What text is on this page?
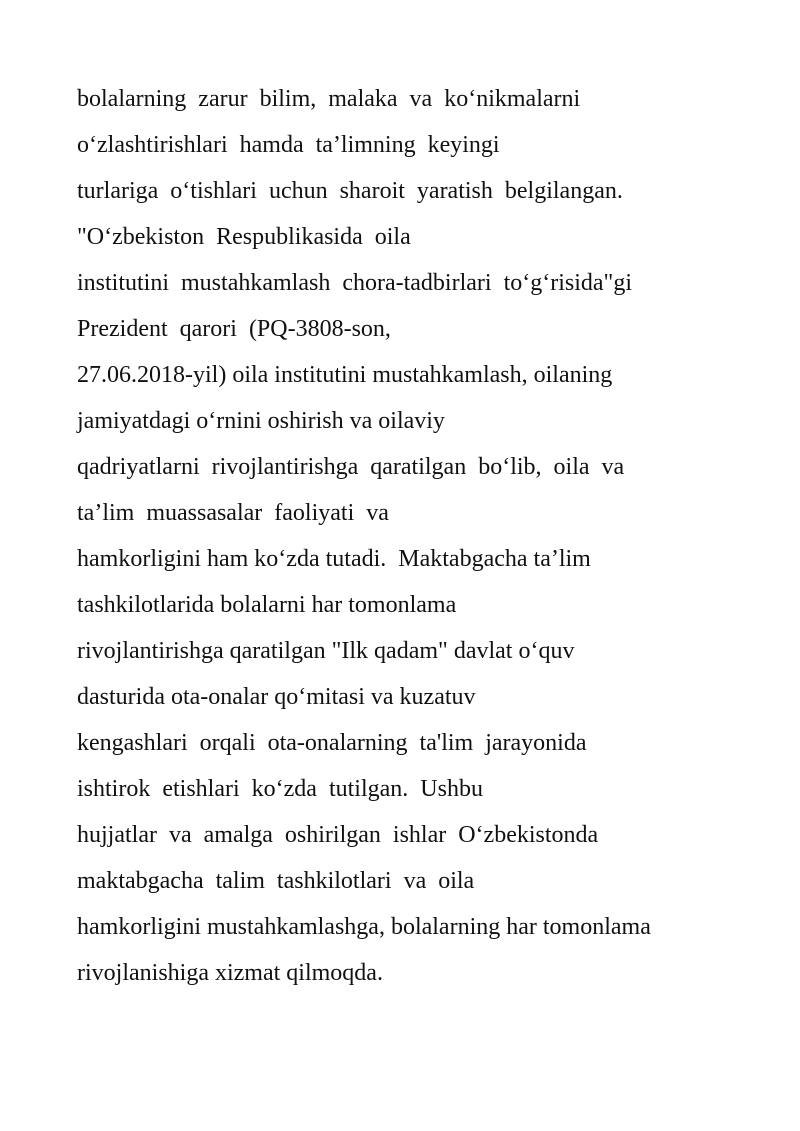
bolalarning  zarur  bilim,  malaka  va  ko‘nikmalarni

o‘zlashtirishlari  hamda  ta’limning  keyingi

turlariga  o‘tishlari  uchun  sharoit  yaratish  belgilangan.

"O‘zbekiston  Respublikasida  oila

institutini  mustahkamlash  chora-tadbirlari  to‘g‘risida"gi

Prezident  qarori  (PQ-3808-son,

27.06.2018-yil) oila institutini mustahkamlash, oilaning

jamiyatdagi o‘rnini oshirish va oilaviy

qadriyatlarni  rivojlantirishga  qaratilgan  bo‘lib,  oila  va

ta’lim  muassasalar  faoliyati  va

hamkorligini ham ko‘zda tutadi.  Maktabgacha ta’lim

tashkilotlarida bolalarni har tomonlama

rivojlantirishga qaratilgan "Ilk qadam" davlat o‘quv

dasturida ota-onalar qo‘mitasi va kuzatuv

kengashlari  orqali  ota-onalarning  ta'lim  jarayonida

ishtirok  etishlari  ko‘zda  tutilgan.  Ushbu

hujjatlar  va  amalga  oshirilgan  ishlar  O‘zbekistonda

maktabgacha  talim  tashkilotlari  va  oila

hamkorligini mustahkamlashga, bolalarning har tomonlama

rivojlanishiga xizmat qilmoqda.
